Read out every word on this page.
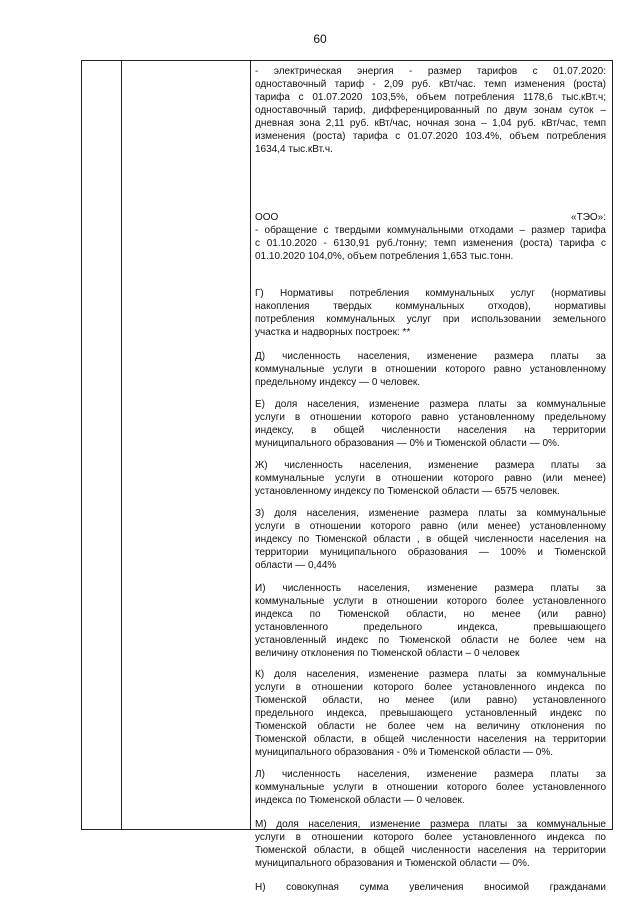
60
- электрическая энергия - размер тарифов с 01.07.2020:
одноставочный тариф - 2,09 руб. кВт/час. темп изменения (роста)
тарифа с 01.07.2020 103,5%, объем потребления 1178,6 тыс.кВт.ч;
одноставочный тариф, дифференцированный по двум зонам суток –
дневная зона 2,11 руб. кВт/час, ночная зона – 1,04 руб. кВт/час, темп
изменения (роста) тарифа с 01.07.2020 103.4%, объем потребления
1634,4 тыс.кВт.ч.
ООО «ТЭО»:
- обращение с твердыми коммунальными отходами – размер тарифа
с 01.10.2020 - 6130,91 руб./тонну; темп изменения (роста) тарифа с
01.10.2020 104,0%, объем потребления 1,653 тыс.тонн.
Г) Нормативы потребления коммунальных услуг (нормативы
накопления твердых коммунальных отходов), нормативы
потребления коммунальных услуг при использовании земельного
участка и надворных построек: **
Д) численность населения, изменение размера платы за
коммунальные услуги в отношении которого равно установленному
предельному индексу — 0 человек.
Е) доля населения, изменение размера платы за коммунальные
услуги в отношении которого равно установленному предельному
индексу, в общей численности населения на территории
муниципального образования — 0% и Тюменской области — 0%.
Ж) численность населения, изменение размера платы за
коммунальные услуги в отношении которого равно (или менее)
установленному индексу по Тюменской области — 6575 человек.
З) доля населения, изменение размера платы за коммунальные
услуги в отношении которого равно (или менее) установленному
индексу по Тюменской области , в общей численности населения на
территории муниципального образования — 100% и Тюменской
области — 0,44%
И) численность населения, изменение размера платы за
коммунальные услуги в отношении которого более установленного
индекса по Тюменской области, но менее (или равно)
установленного предельного индекса, превышающего
установленный индекс по Тюменской области не более чем на
величину отклонения по Тюменской области – 0 человек
К) доля населения, изменение размера платы за коммунальные
услуги в отношении которого более установленного индекса по
Тюменской области, но менее (или равно) установленного
предельного индекса, превышающего установленный индекс по
Тюменской области не более чем на величину отклонения по
Тюменской области, в общей численности населения на территории
муниципального образования - 0% и Тюменской области — 0%.
Л) численность населения, изменение размера платы за
коммунальные услуги в отношении которого более установленного
индекса по Тюменской области — 0 человек.
М) доля населения, изменение размера платы за коммунальные
услуги в отношении которого более установленного индекса по
Тюменской области, в общей численности населения на территории
муниципального образования и Тюменской области — 0%.
Н) совокупная сумма увеличения вносимой гражданами
